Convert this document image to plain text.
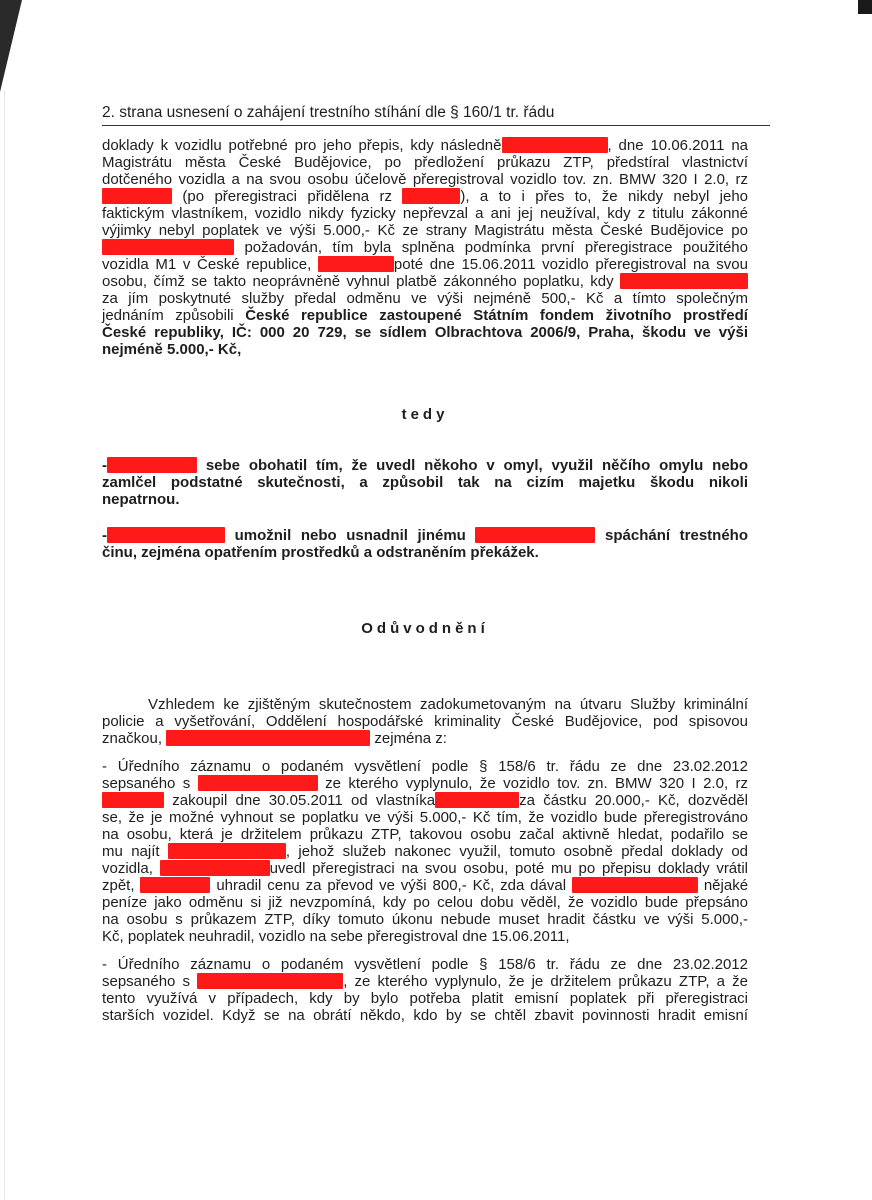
2. strana usnesení o zahájení trestního stíhání dle § 160/1 tr. řádu
doklady k vozidlu potřebné pro jeho přepis, kdy následně	, dne 10.06.2011 na
Magistrátu města České Budějovice, po předložení průkazu ZTP, předstíral vlastnictví
dotčeného vozidla a na svou osobu účelově přeregistroval vozidlo tov. zn. BMW 320 I 2.0, rz
(po přeregistraci přidělena rz	), a to i přes to, že nikdy nebyl jeho
faktickým vlastníkem, vozidlo nikdy fyzicky nepřevzal a ani jej neužíval, kdy z titulu zákonné
výjimky nebyl poplatek ve výši 5.000,- Kč ze strany Magistrátu města České Budějovice po
požadován, tím byla splněna podmínka první přeregistrace použitého
vozidla M1 v České republice,	poté dne 15.06.2011 vozidlo přeregistroval na svou
osobu, čímž se takto neoprávněně vyhnul platbě zákonného poplatku, kdy
za jím poskytnuté služby předal odměnu ve výši nejméně 500,- Kč a tímto společným
jednáním způsobili České republice zastoupené Státním fondem životního prostředí
České republiky, IČ: 000 20 729, se sídlem Olbrachtova 2006/9, Praha, škodu ve výši
nejméně 5.000,- Kč,
tedy
-	sebe obohatil tím, že uvedl někoho v omyl, využil něčího omylu nebo
zamlčel podstatné skutečnosti, a způsobil tak na cizím majetku škodu nikoli
nepatrnou.
-	umožnil nebo usnadnil jinému	spáchání trestného
činu, zejména opatřením prostředků a odstraněním překážek.
Odůvodnění
Vzhledem ke zjištěným skutečnostem zadokumetovaným na útvaru Služby kriminální
policie a vyšetřování, Oddělení hospodářské kriminality České Budějovice, pod spisovou
značkou,	zejména z:
- Úředního záznamu o podaném vysvětlení podle § 158/6 tr. řádu ze dne 23.02.2012
sepsaného s	ze kterého vyplynulo, že vozidlo tov. zn. BMW 320 I 2.0, rz
zakoupil dne 30.05.2011 od vlastníka	za částku 20.000,- Kč, dozvěděl
se, že je možné vyhnout se poplatku ve výši 5.000,- Kč tím, že vozidlo bude přeregistrováno
na osobu, která je držitelem průkazu ZTP, takovou osobu začal aktivně hledat, podařilo se
mu najít	, jehož služeb nakonec využil, tomuto osobně předal doklady od
vozidla,	uvedl přeregistraci na svou osobu, poté mu po přepisu doklady vrátil
zpět,	uhradil cenu za převod ve výši 800,- Kč, zda dával	nějaké
peníze jako odměnu si již nevzpomíná, kdy po celou dobu věděl, že vozidlo bude přepsáno
na osobu s průkazem ZTP, díky tomuto úkonu nebude muset hradit částku ve výši 5.000,-
Kč, poplatek neuhradil, vozidlo na sebe přeregistroval dne 15.06.2011,
- Úředního záznamu o podaném vysvětlení podle § 158/6 tr. řádu ze dne 23.02.2012
sepsaného s	, ze kterého vyplynulo, že je držitelem průkazu ZTP, a že
tento využívá v případech, kdy by bylo potřeba platit emisní poplatek při přeregistraci
starších vozidel. Když se na obrátí někdo, kdo by se chtěl zbavit povinnosti hradit emisní
